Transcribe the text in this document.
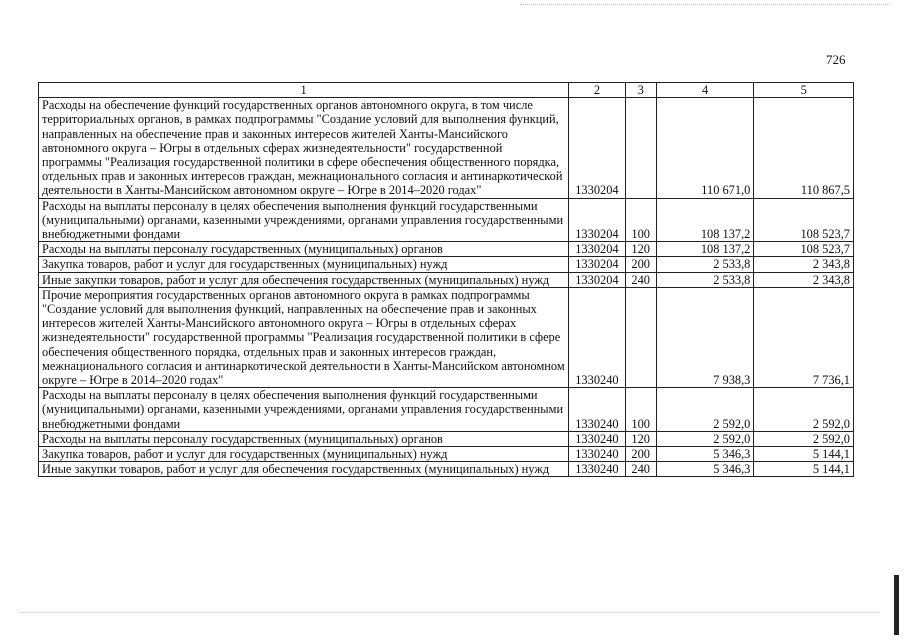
726
1	2	3	4	5
Расходы на обеспечение функций государственных органов автономного округа, в том числе территориальных органов, в рамках подпрограммы "Создание условий для выполнения функций, направленных на обеспечение прав и законных интересов жителей Ханты-Мансийского автономного округа – Югры в отдельных сферах жизнедеятельности" государственной программы "Реализация государственной политики в сфере обеспечения общественного порядка, отдельных прав и законных интересов граждан, межнационального согласия и антинаркотической деятельности в Ханты-Мансийском автономном округе – Югре в 2014–2020 годах"	1330204		110 671,0	110 867,5
Расходы на выплаты персоналу в целях обеспечения выполнения функций государственными (муниципальными) органами, казенными учреждениями, органами управления государственными внебюджетными фондами	1330204	100	108 137,2	108 523,7
Расходы на выплаты персоналу государственных (муниципальных) органов	1330204	120	108 137,2	108 523,7
Закупка товаров, работ и услуг для государственных (муниципальных) нужд	1330204	200	2 533,8	2 343,8
Иные закупки товаров, работ и услуг для обеспечения государственных (муниципальных) нужд	1330204	240	2 533,8	2 343,8
Прочие мероприятия государственных органов автономного округа в рамках подпрограммы "Создание условий для выполнения функций, направленных на обеспечение прав и законных интересов жителей Ханты-Мансийского автономного округа – Югры в отдельных сферах жизнедеятельности" государственной программы "Реализация государственной политики в сфере обеспечения общественного порядка, отдельных прав и законных интересов граждан, межнационального согласия и антинаркотической деятельности в Ханты-Мансийском автономном округе – Югре в 2014–2020 годах"	1330240		7 938,3	7 736,1
Расходы на выплаты персоналу в целях обеспечения выполнения функций государственными (муниципальными) органами, казенными учреждениями, органами управления государственными внебюджетными фондами	1330240	100	2 592,0	2 592,0
Расходы на выплаты персоналу государственных (муниципальных) органов	1330240	120	2 592,0	2 592,0
Закупка товаров, работ и услуг для государственных (муниципальных) нужд	1330240	200	5 346,3	5 144,1
Иные закупки товаров, работ и услуг для обеспечения государственных (муниципальных) нужд	1330240	240	5 346,3	5 144,1
